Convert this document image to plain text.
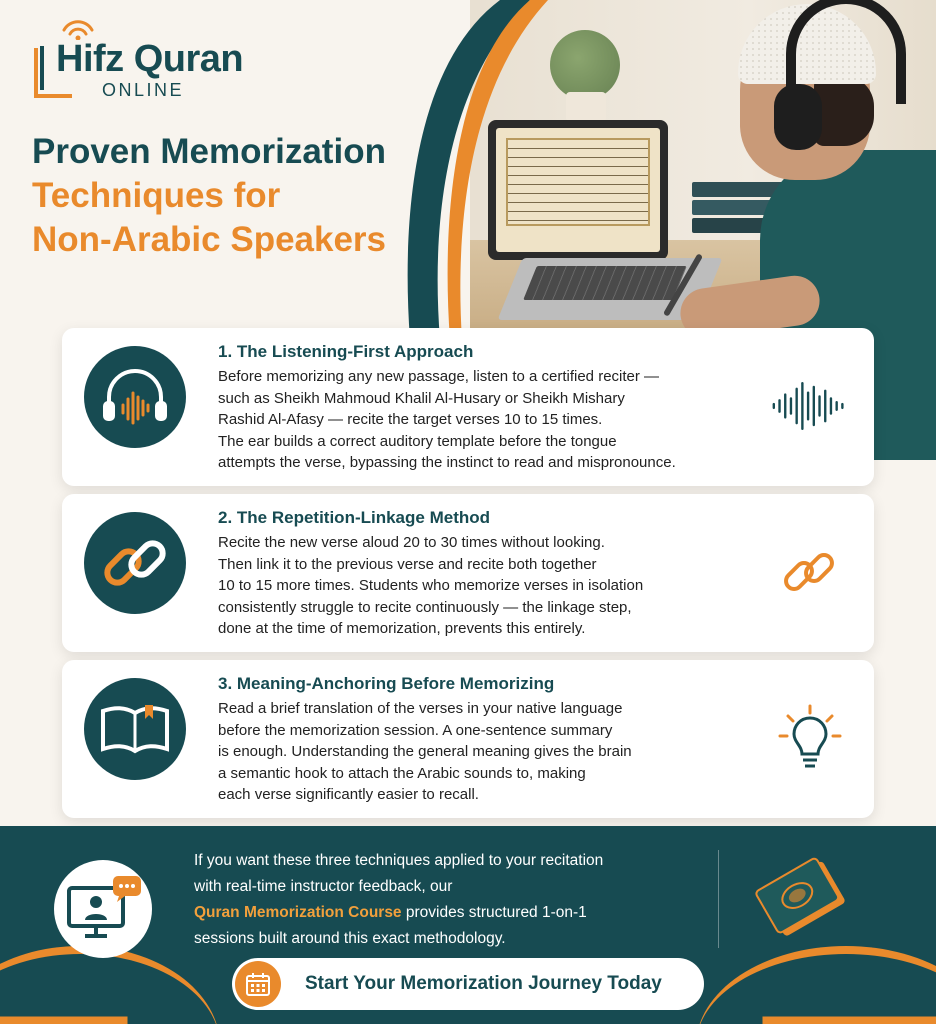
Hifz Quran
ONLINE
Proven Memorization
Techniques for
Non-Arabic Speakers
1. The Listening-First Approach
Before memorizing any new passage, listen to a certified reciter —
such as Sheikh Mahmoud Khalil Al-Husary or Sheikh Mishary
Rashid Al-Afasy — recite the target verses 10 to 15 times.
The ear builds a correct auditory template before the tongue
attempts the verse, bypassing the instinct to read and mispronounce.
2. The Repetition-Linkage Method
Recite the new verse aloud 20 to 30 times without looking.
Then link it to the previous verse and recite both together
10 to 15 more times. Students who memorize verses in isolation
consistently struggle to recite continuously — the linkage step,
done at the time of memorization, prevents this entirely.
3. Meaning-Anchoring Before Memorizing
Read a brief translation of the verses in your native language
before the memorization session. A one-sentence summary
is enough. Understanding the general meaning gives the brain
a semantic hook to attach the Arabic sounds to, making
each verse significantly easier to recall.
If you want these three techniques applied to your recitation
with real-time instructor feedback, our
Quran Memorization Course provides structured 1-on-1
sessions built around this exact methodology.
Start Your Memorization Journey Today
